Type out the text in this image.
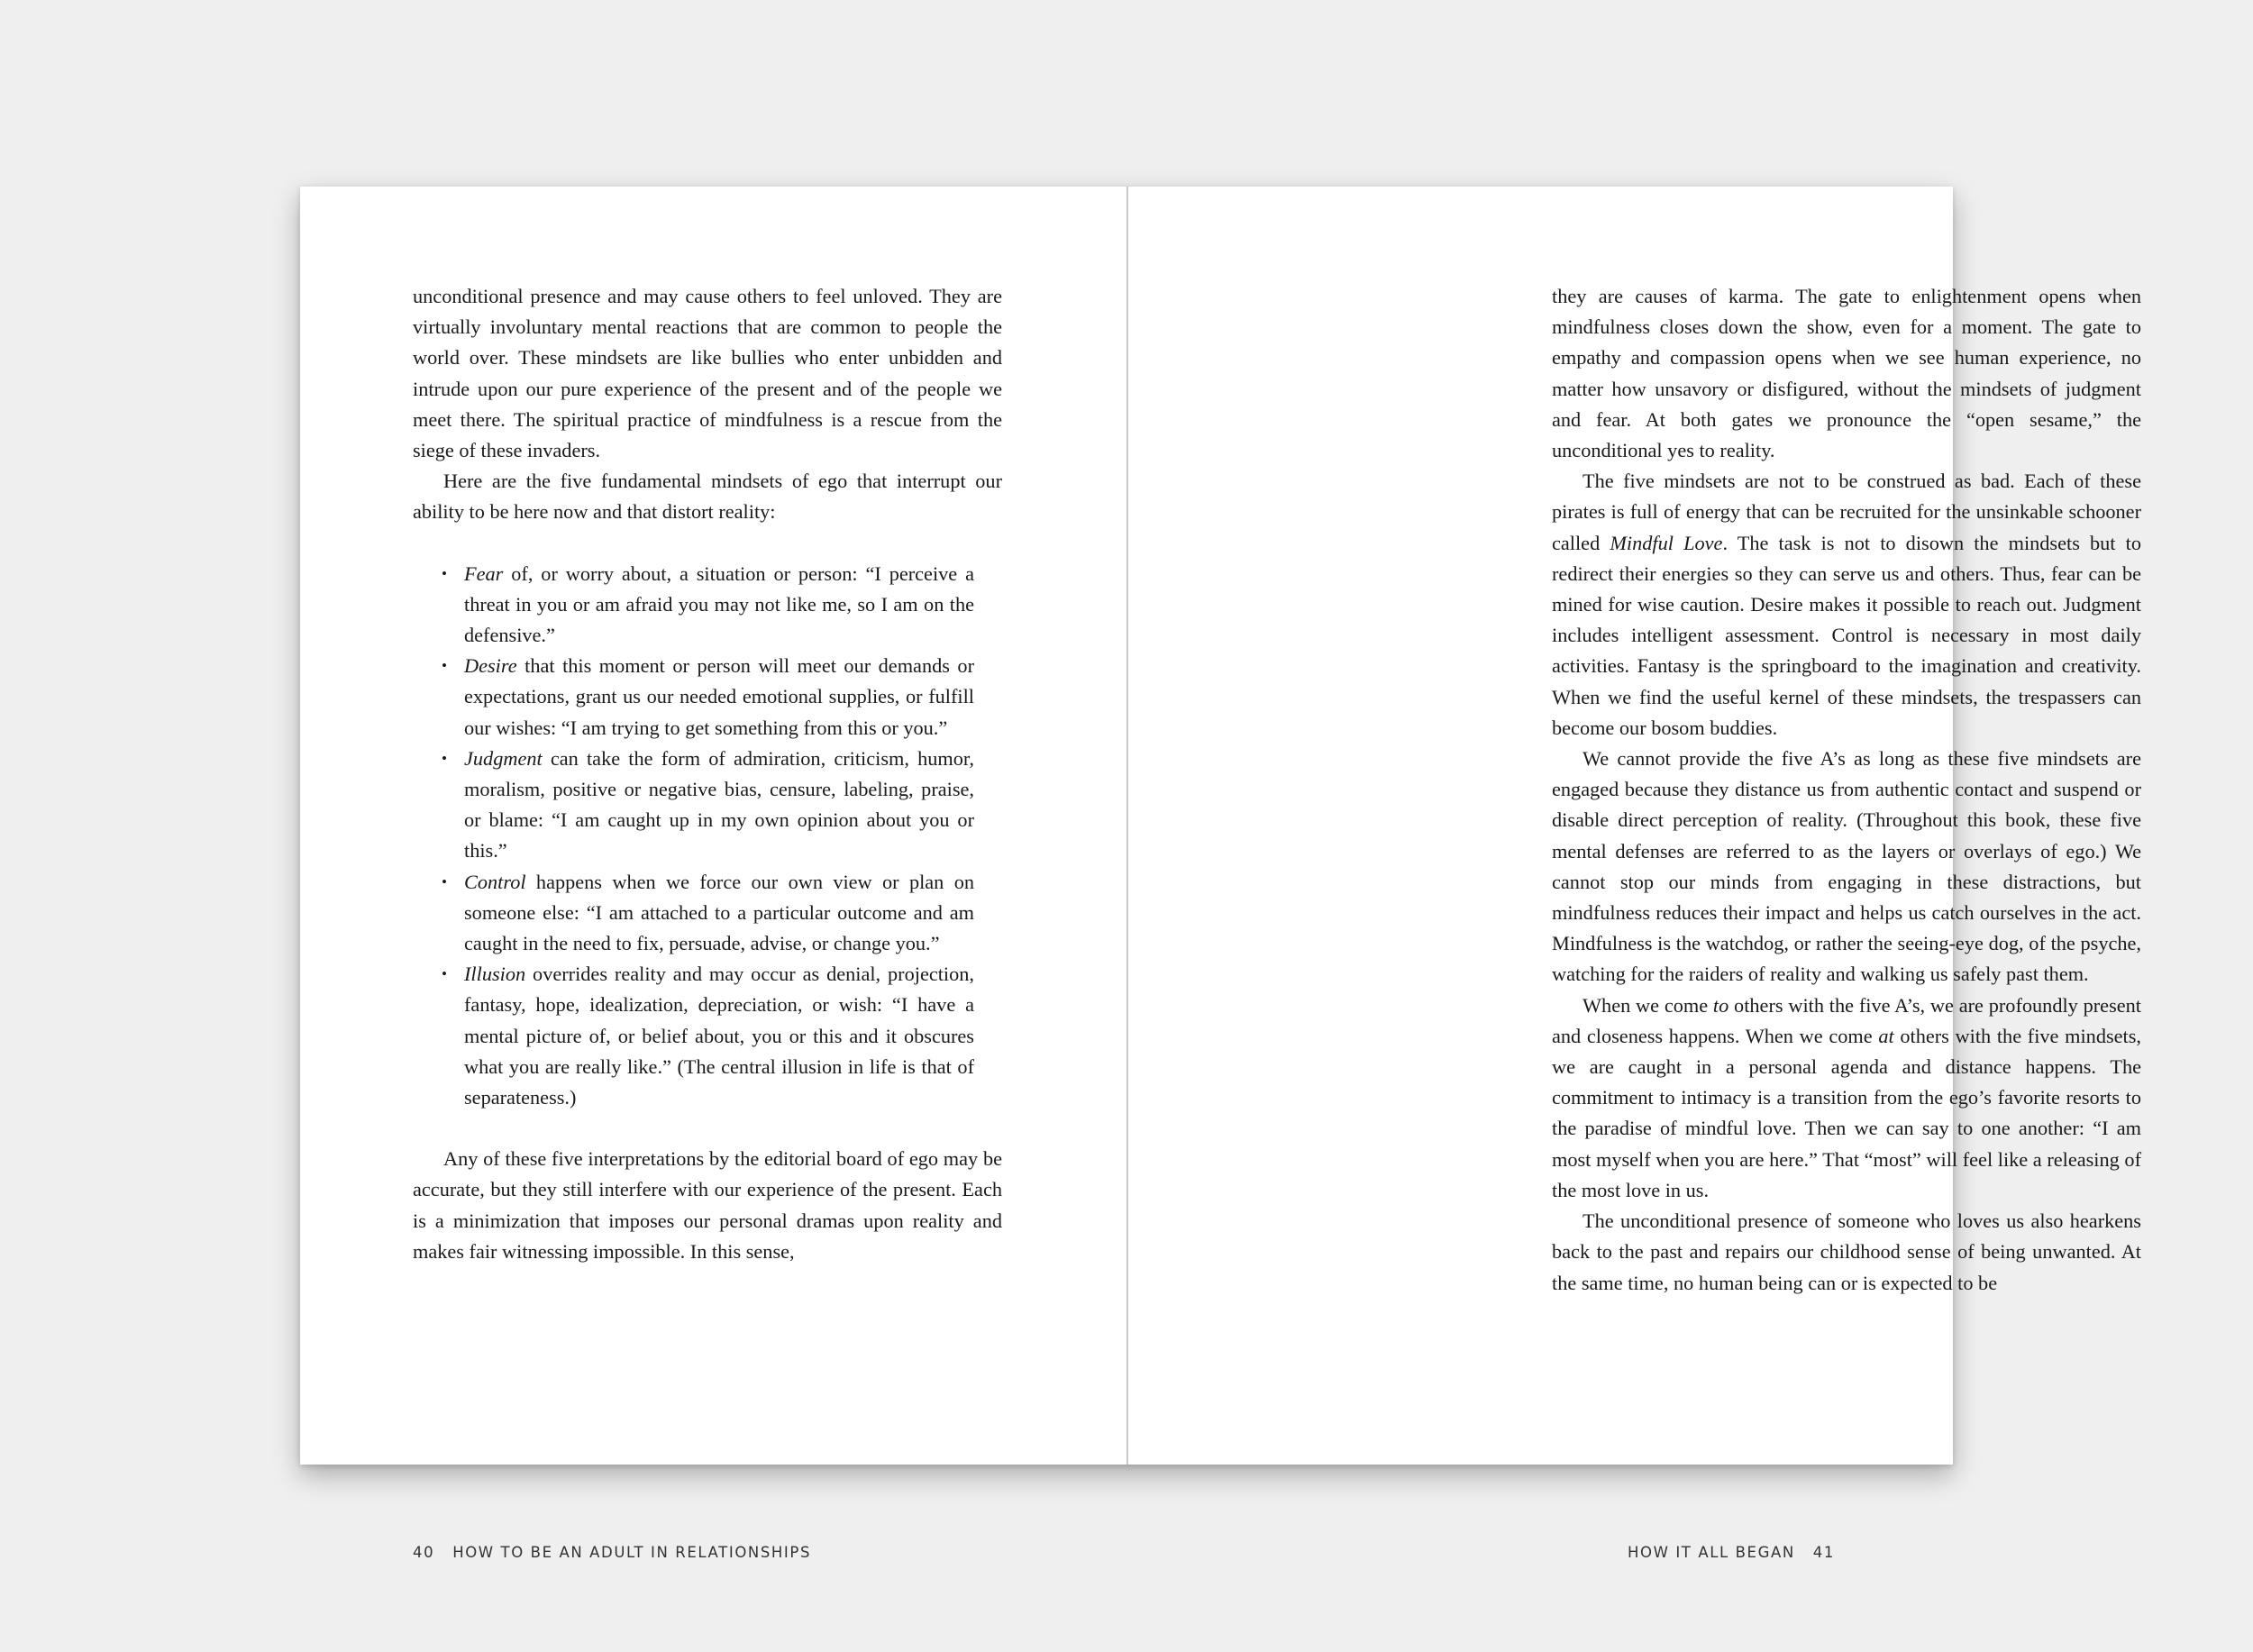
unconditional presence and may cause others to feel unloved. They are virtually involuntary mental reactions that are common to people the world over. These mindsets are like bullies who enter unbidden and intrude upon our pure experience of the present and of the people we meet there. The spiritual practice of mindfulness is a rescue from the siege of these invaders.

Here are the five fundamental mindsets of ego that interrupt our ability to be here now and that distort reality:

• Fear of, or worry about, a situation or person: “I perceive a threat in you or am afraid you may not like me, so I am on the defensive.”
• Desire that this moment or person will meet our demands or expectations, grant us our needed emotional supplies, or fulfill our wishes: “I am trying to get something from this or you.”
• Judgment can take the form of admiration, criticism, humor, moralism, positive or negative bias, censure, labeling, praise, or blame: “I am caught up in my own opinion about you or this.”
• Control happens when we force our own view or plan on someone else: “I am attached to a particular outcome and am caught in the need to fix, persuade, advise, or change you.”
• Illusion overrides reality and may occur as denial, projection, fantasy, hope, idealization, depreciation, or wish: “I have a mental picture of, or belief about, you or this and it obscures what you are really like.” (The central illusion in life is that of separateness.)

Any of these five interpretations by the editorial board of ego may be accurate, but they still interfere with our experience of the present. Each is a minimization that imposes our personal dramas upon reality and makes fair witnessing impossible. In this sense,

40 HOW TO BE AN ADULT IN RELATIONSHIPS

they are causes of karma. The gate to enlightenment opens when mindfulness closes down the show, even for a moment. The gate to empathy and compassion opens when we see human experience, no matter how unsavory or disfigured, without the mindsets of judgment and fear. At both gates we pronounce the “open sesame,” the unconditional yes to reality.

The five mindsets are not to be construed as bad. Each of these pirates is full of energy that can be recruited for the unsinkable schooner called Mindful Love. The task is not to disown the mindsets but to redirect their energies so they can serve us and others. Thus, fear can be mined for wise caution. Desire makes it possible to reach out. Judgment includes intelligent assessment. Control is necessary in most daily activities. Fantasy is the springboard to the imagination and creativity. When we find the useful kernel of these mindsets, the trespassers can become our bosom buddies.

We cannot provide the five A’s as long as these five mindsets are engaged because they distance us from authentic contact and suspend or disable direct perception of reality. (Throughout this book, these five mental defenses are referred to as the layers or overlays of ego.) We cannot stop our minds from engaging in these distractions, but mindfulness reduces their impact and helps us catch ourselves in the act. Mindfulness is the watchdog, or rather the seeing-eye dog, of the psyche, watching for the raiders of reality and walking us safely past them.

When we come to others with the five A’s, we are profoundly present and closeness happens. When we come at others with the five mindsets, we are caught in a personal agenda and distance happens. The commitment to intimacy is a transition from the ego’s favorite resorts to the paradise of mindful love. Then we can say to one another: “I am most myself when you are here.” That “most” will feel like a releasing of the most love in us.

The unconditional presence of someone who loves us also hearkens back to the past and repairs our childhood sense of being unwanted. At the same time, no human being can or is expected to be

HOW IT ALL BEGAN 41
